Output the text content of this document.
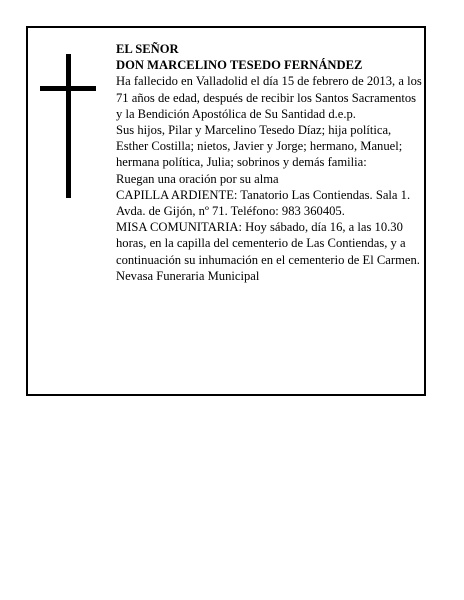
EL SEÑOR

DON MARCELINO TESEDO FERNÁNDEZ

Ha fallecido en Valladolid el día 15 de febrero de 2013, a los 71 años de edad, después de recibir los Santos Sacramentos y la Bendición Apostólica de Su Santidad d.e.p.

Sus hijos, Pilar y Marcelino Tesedo Díaz; hija política, Esther Costilla; nietos, Javier y Jorge; hermano, Manuel; hermana política, Julia; sobrinos y demás familia:

Ruegan una oración por su alma

CAPILLA ARDIENTE: Tanatorio Las Contiendas. Sala 1. Avda. de Gijón, nº 71. Teléfono: 983 360405.

MISA COMUNITARIA: Hoy sábado, día 16, a las 10.30 horas, en la capilla del cementerio de Las Contiendas, y a continuación su inhumación en el cementerio de El Carmen.

Nevasa Funeraria Municipal
